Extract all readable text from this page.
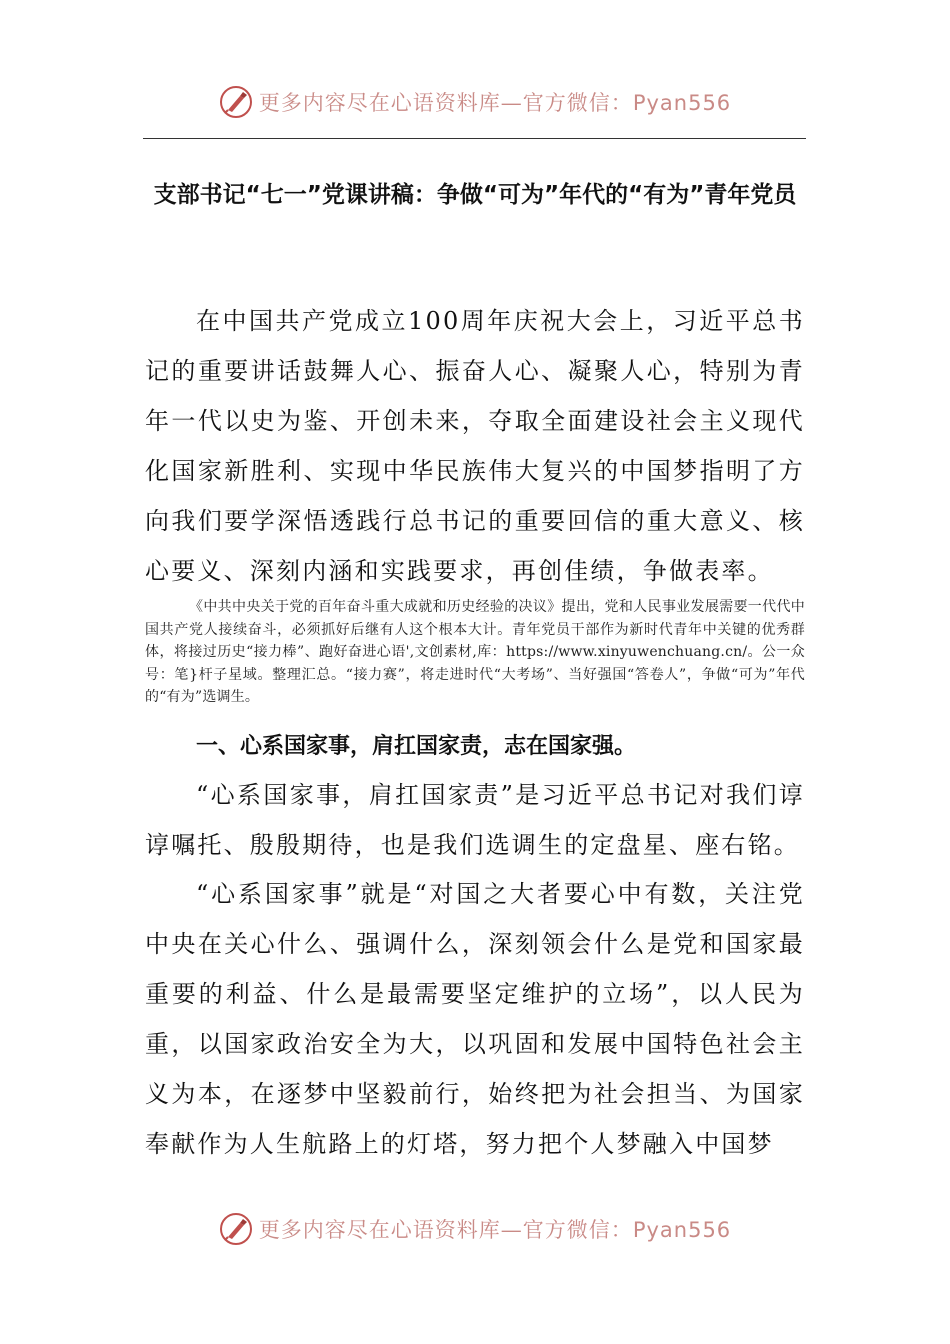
更多内容尽在心语资料库—官方微信：Pyan556
支部书记“七一”党课讲稿：争做“可为”年代的“有为”青年党员

在中国共产党成立100周年庆祝大会上，习近平总书记的重要讲话鼓舞人心、振奋人心、凝聚人心，特别为青年一代以史为鉴、开创未来，夺取全面建设社会主义现代化国家新胜利、实现中华民族伟大复兴的中国梦指明了方向我们要学深悟透践行总书记的重要回信的重大意义、核心要义、深刻内涵和实践要求，再创佳绩，争做表率。

《中共中央关于党的百年奋斗重大成就和历史经验的决议》提出，党和人民事业发展需要一代代中国共产党人接续奋斗，必须抓好后继有人这个根本大计。青年党员干部作为新时代青年中关键的优秀群体，将接过历史“接力棒”、跑好奋进心语',文创素材,库：https://www.xinyuwenchuang.cn/。公一众号：笔}杆子星域。整理汇总。“接力赛”，将走进时代“大考场”、当好强国“答卷人”，争做“可为”年代的“有为”选调生。

一、心系国家事，肩扛国家责，志在国家强。

“心系国家事，肩扛国家责”是习近平总书记对我们谆谆嘱托、殷殷期待，也是我们选调生的定盘星、座右铭。

“心系国家事”就是“对国之大者要心中有数，关注党中央在关心什么、强调什么，深刻领会什么是党和国家最重要的利益、什么是最需要坚定维护的立场”，以人民为重，以国家政治安全为大，以巩固和发展中国特色社会主义为本，在逐梦中坚毅前行，始终把为社会担当、为国家奉献作为人生航路上的灯塔，努力把个人梦融入中国梦

更多内容尽在心语资料库—官方微信：Pyan556
